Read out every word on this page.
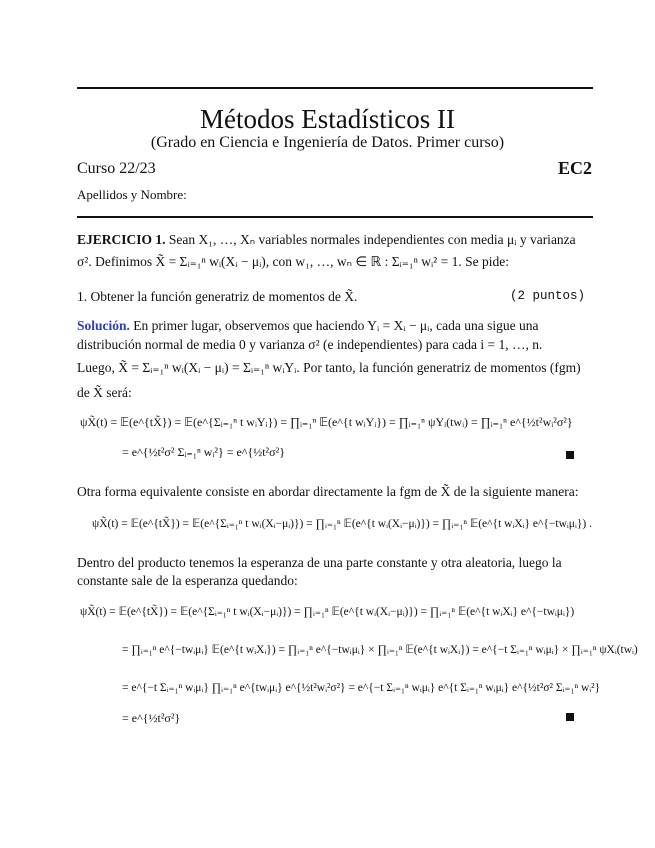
Métodos Estadísticos II
(Grado en Ciencia e Ingeniería de Datos. Primer curso)
Curso 22/23	EC2
Apellidos y Nombre:
EJERCICIO 1. Sean X₁, …, Xₙ variables normales independientes con media μᵢ y varianza
σ². Definimos X̃ = Σᵢ₌₁ⁿ wᵢ(Xᵢ − μᵢ), con w₁, …, wₙ ∈ ℝ : Σᵢ₌₁ⁿ wᵢ² = 1. Se pide:
1. Obtener la función generatriz de momentos de X̃.	(2 puntos)
Solución. En primer lugar, observemos que haciendo Yᵢ = Xᵢ − μᵢ, cada una sigue una
distribución normal de media 0 y varianza σ² (e independientes) para cada i = 1, …, n.
Luego, X̃ = Σᵢ₌₁ⁿ wᵢ(Xᵢ − μᵢ) = Σᵢ₌₁ⁿ wᵢYᵢ. Por tanto, la función generatriz de momentos (fgm)
de X̃ será:
ψX̃(t) = 𝔼(e^{tX̃}) = 𝔼(e^{Σᵢ₌₁ⁿ t wᵢYᵢ}) = ∏ᵢ₌₁ⁿ 𝔼(e^{t wᵢYᵢ}) = ∏ᵢ₌₁ⁿ ψYᵢ(twᵢ) = ∏ᵢ₌₁ⁿ e^{½t²wᵢ²σ²}
= e^{½t²σ² Σᵢ₌₁ⁿ wᵢ²} = e^{½t²σ²}
Otra forma equivalente consiste en abordar directamente la fgm de X̃ de la siguiente manera:
ψX̃(t) = 𝔼(e^{tX̃}) = 𝔼(e^{Σᵢ₌₁ⁿ t wᵢ(Xᵢ−μᵢ)}) = ∏ᵢ₌₁ⁿ 𝔼(e^{t wᵢ(Xᵢ−μᵢ)}) = ∏ᵢ₌₁ⁿ 𝔼(e^{t wᵢXᵢ} e^{−twᵢμᵢ}) .
Dentro del producto tenemos la esperanza de una parte constante y otra aleatoria, luego la
constante sale de la esperanza quedando:
ψX̃(t) = 𝔼(e^{tX̃}) = 𝔼(e^{Σᵢ₌₁ⁿ t wᵢ(Xᵢ−μᵢ)}) = ∏ᵢ₌₁ⁿ 𝔼(e^{t wᵢ(Xᵢ−μᵢ)}) = ∏ᵢ₌₁ⁿ 𝔼(e^{t wᵢXᵢ} e^{−twᵢμᵢ})
= ∏ᵢ₌₁ⁿ e^{−twᵢμᵢ} 𝔼(e^{t wᵢXᵢ}) = ∏ᵢ₌₁ⁿ e^{−twᵢμᵢ} × ∏ᵢ₌₁ⁿ 𝔼(e^{t wᵢXᵢ}) = e^{−t Σᵢ₌₁ⁿ wᵢμᵢ} × ∏ᵢ₌₁ⁿ ψXᵢ(twᵢ)
= e^{−t Σᵢ₌₁ⁿ wᵢμᵢ} ∏ᵢ₌₁ⁿ e^{twᵢμᵢ} e^{½t²wᵢ²σ²} = e^{−t Σᵢ₌₁ⁿ wᵢμᵢ} e^{t Σᵢ₌₁ⁿ wᵢμᵢ} e^{½t²σ² Σᵢ₌₁ⁿ wᵢ²}
= e^{½t²σ²}
